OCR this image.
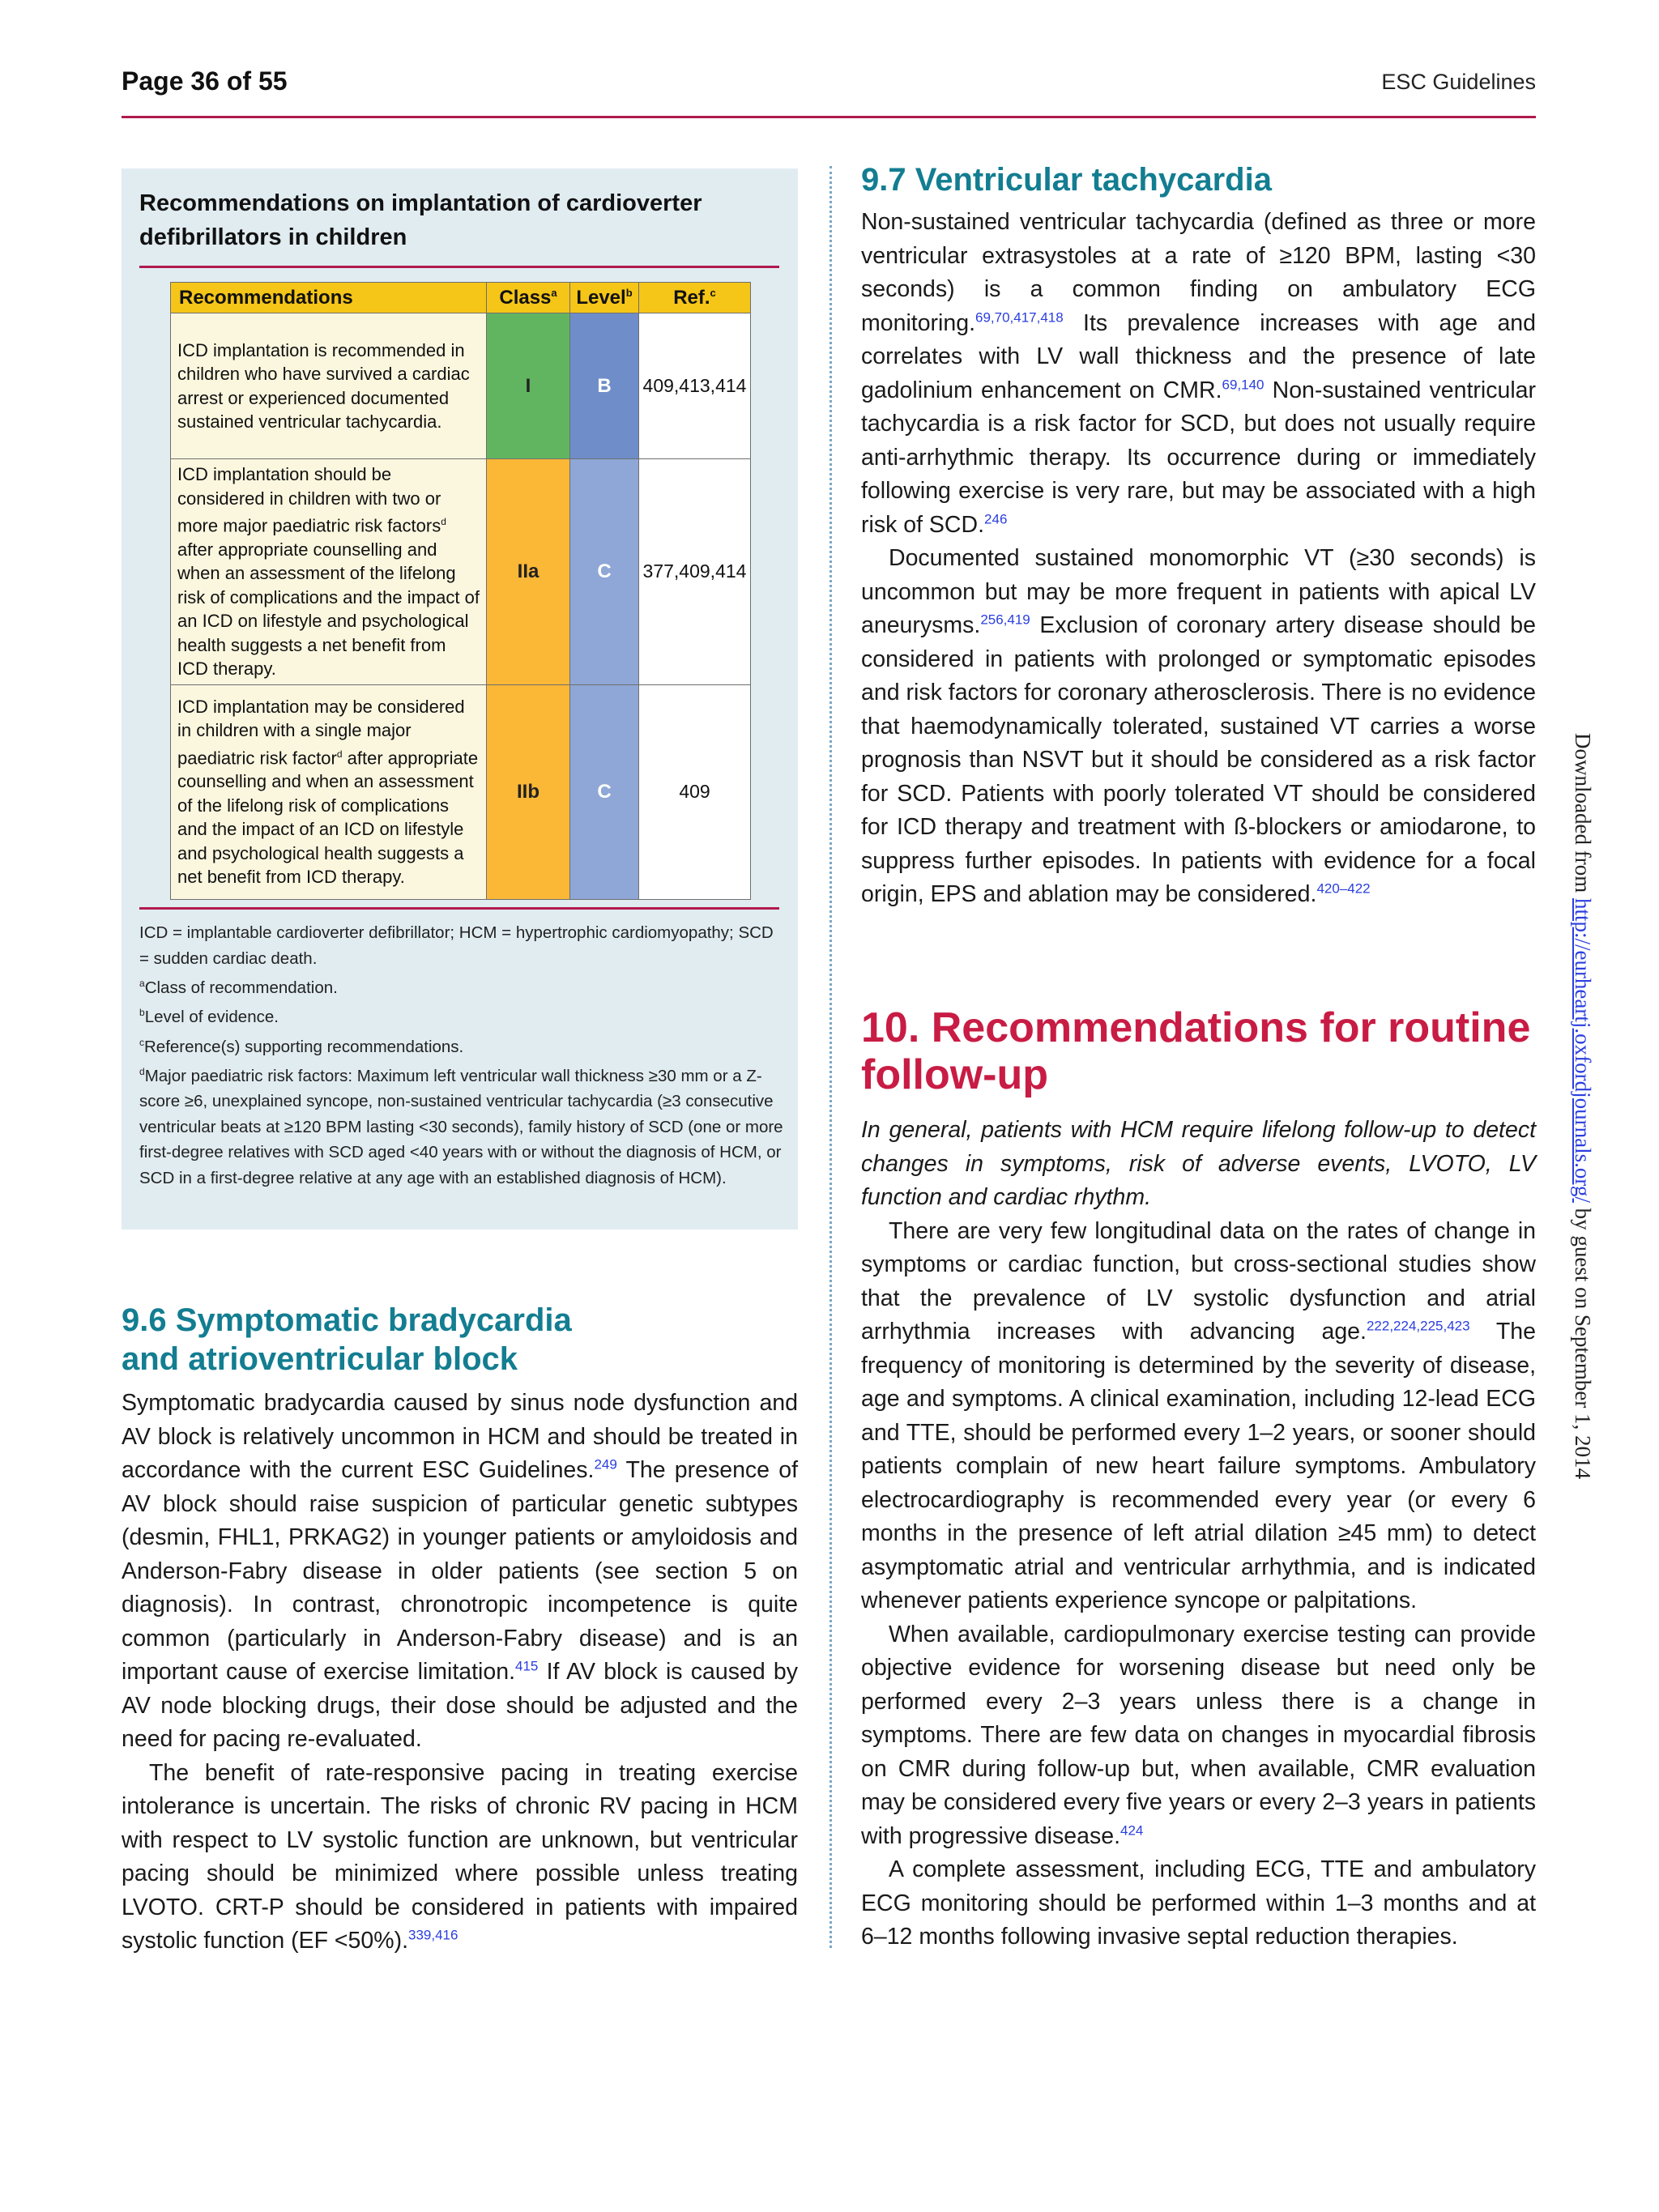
Page 36 of 55	ESC Guidelines
Recommendations on implantation of cardioverter defibrillators in children
Recommendations	Class$^a$	Level$^b$	Ref.$^c$
ICD implantation is recommended in children who have survived a cardiac arrest or experienced documented sustained ventricular tachycardia.	I	B	409,413,414
ICD implantation should be considered in children with two or more major paediatric risk factors$^d$ after appropriate counselling and when an assessment of the lifelong risk of complications and the impact of an ICD on lifestyle and psychological health suggests a net benefit from ICD therapy.	IIa	C	377,409,414
ICD implantation may be considered in children with a single major paediatric risk factor$^d$ after appropriate counselling and when an assessment of the lifelong risk of complications and the impact of an ICD on lifestyle and psychological health suggests a net benefit from ICD therapy.	IIb	C	409
ICD = implantable cardioverter defibrillator; HCM = hypertrophic cardiomyopathy; SCD = sudden cardiac death.
$^a$Class of recommendation.
$^b$Level of evidence.
$^c$Reference(s) supporting recommendations.
$^d$Major paediatric risk factors: Maximum left ventricular wall thickness ≥30 mm or a Z-score ≥6, unexplained syncope, non-sustained ventricular tachycardia (≥3 consecutive ventricular beats at ≥120 BPM lasting <30 seconds), family history of SCD (one or more first-degree relatives with SCD aged <40 years with or without the diagnosis of HCM, or SCD in a first-degree relative at any age with an established diagnosis of HCM).
9.6 Symptomatic bradycardia
and atrioventricular block

Symptomatic bradycardia caused by sinus node dysfunction and AV block is relatively uncommon in HCM and should be treated in accordance with the current ESC Guidelines.$^{249}$ The presence of AV block should raise suspicion of particular genetic subtypes (desmin, FHL1, PRKAG2) in younger patients or amyloidosis and Anderson-Fabry disease in older patients (see section 5 on diagnosis). In contrast, chronotropic incompetence is quite common (particularly in Anderson-Fabry disease) and is an important cause of exercise limitation.$^{415}$ If AV block is caused by AV node blocking drugs, their dose should be adjusted and the need for pacing re-evaluated.

The benefit of rate-responsive pacing in treating exercise intolerance is uncertain. The risks of chronic RV pacing in HCM with respect to LV systolic function are unknown, but ventricular pacing should be minimized where possible unless treating LVOTO. CRT-P should be considered in patients with impaired systolic function (EF <50%).$^{339,416}$

9.7 Ventricular tachycardia

Non-sustained ventricular tachycardia (defined as three or more ventricular extrasystoles at a rate of ≥120 BPM, lasting <30 seconds) is a common finding on ambulatory ECG monitoring.$^{69,70,417,418}$ Its prevalence increases with age and correlates with LV wall thickness and the presence of late gadolinium enhancement on CMR.$^{69,140}$ Non-sustained ventricular tachycardia is a risk factor for SCD, but does not usually require anti-arrhythmic therapy. Its occurrence during or immediately following exercise is very rare, but may be associated with a high risk of SCD.$^{246}$

Documented sustained monomorphic VT (≥30 seconds) is uncommon but may be more frequent in patients with apical LV aneurysms.$^{256,419}$ Exclusion of coronary artery disease should be considered in patients with prolonged or symptomatic episodes and risk factors for coronary atherosclerosis. There is no evidence that haemodynamically tolerated, sustained VT carries a worse prognosis than NSVT but it should be considered as a risk factor for SCD. Patients with poorly tolerated VT should be considered for ICD therapy and treatment with ß-blockers or amiodarone, to suppress further episodes. In patients with evidence for a focal origin, EPS and ablation may be considered.$^{420-422}$

10. Recommendations for routine
follow-up

In general, patients with HCM require lifelong follow-up to detect changes in symptoms, risk of adverse events, LVOTO, LV function and cardiac rhythm.

There are very few longitudinal data on the rates of change in symptoms or cardiac function, but cross-sectional studies show that the prevalence of LV systolic dysfunction and atrial arrhythmia increases with advancing age.$^{222,224,225,423}$ The frequency of monitoring is determined by the severity of disease, age and symptoms. A clinical examination, including 12-lead ECG and TTE, should be performed every 1–2 years, or sooner should patients complain of new heart failure symptoms. Ambulatory electrocardiography is recommended every year (or every 6 months in the presence of left atrial dilation ≥45 mm) to detect asymptomatic atrial and ventricular arrhythmia, and is indicated whenever patients experience syncope or palpitations.

When available, cardiopulmonary exercise testing can provide objective evidence for worsening disease but need only be performed every 2–3 years unless there is a change in symptoms. There are few data on changes in myocardial fibrosis on CMR during follow-up but, when available, CMR evaluation may be considered every five years or every 2–3 years in patients with progressive disease.$^{424}$

A complete assessment, including ECG, TTE and ambulatory ECG monitoring should be performed within 1–3 months and at 6–12 months following invasive septal reduction therapies.

Downloaded from http://eurheartj.oxfordjournals.org/ by guest on September 1, 2014
